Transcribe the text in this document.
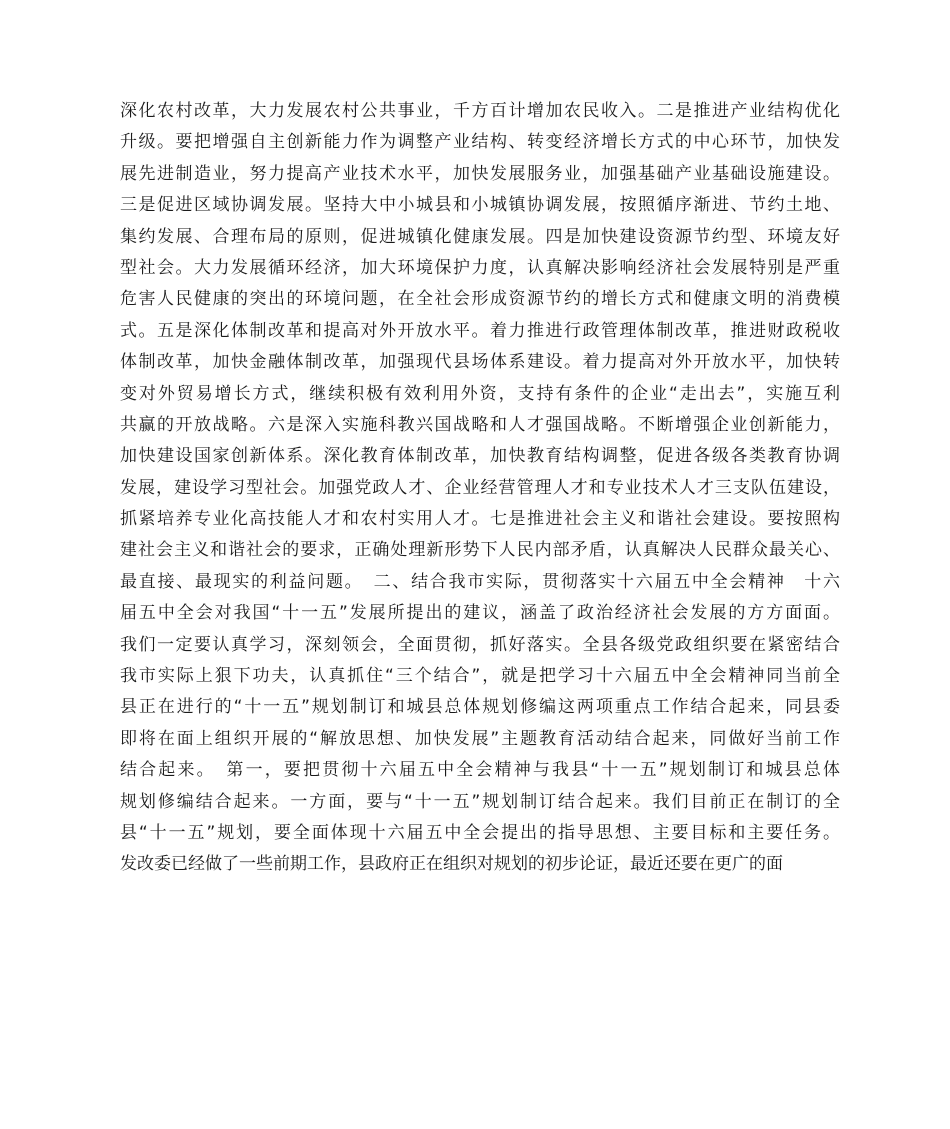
深化农村改革，大力发展农村公共事业，千方百计增加农民收入。二是推进产业结构优化
升级。要把增强自主创新能力作为调整产业结构、转变经济增长方式的中心环节，加快发
展先进制造业，努力提高产业技术水平，加快发展服务业，加强基础产业基础设施建设。
三是促进区域协调发展。坚持大中小城县和小城镇协调发展，按照循序渐进、节约土地、
集约发展、合理布局的原则，促进城镇化健康发展。四是加快建设资源节约型、环境友好
型社会。大力发展循环经济，加大环境保护力度，认真解决影响经济社会发展特别是严重
危害人民健康的突出的环境问题，在全社会形成资源节约的增长方式和健康文明的消费模
式。五是深化体制改革和提高对外开放水平。着力推进行政管理体制改革，推进财政税收
体制改革，加快金融体制改革，加强现代县场体系建设。着力提高对外开放水平，加快转
变对外贸易增长方式，继续积极有效利用外资，支持有条件的企业“走出去”，实施互利
共赢的开放战略。六是深入实施科教兴国战略和人才强国战略。不断增强企业创新能力，
加快建设国家创新体系。深化教育体制改革，加快教育结构调整，促进各级各类教育协调
发展，建设学习型社会。加强党政人才、企业经营管理人才和专业技术人才三支队伍建设，
抓紧培养专业化高技能人才和农村实用人才。七是推进社会主义和谐社会建设。要按照构
建社会主义和谐社会的要求，正确处理新形势下人民内部矛盾，认真解决人民群众最关心、
最直接、最现实的利益问题。　二、结合我市实际，贯彻落实十六届五中全会精神　十六
届五中全会对我国“十一五”发展所提出的建议，涵盖了政治经济社会发展的方方面面。
我们一定要认真学习，深刻领会，全面贯彻，抓好落实。全县各级党政组织要在紧密结合
我市实际上狠下功夫，认真抓住“三个结合”，就是把学习十六届五中全会精神同当前全
县正在进行的“十一五”规划制订和城县总体规划修编这两项重点工作结合起来，同县委
即将在面上组织开展的“解放思想、加快发展”主题教育活动结合起来，同做好当前工作
结合起来。　第一，要把贯彻十六届五中全会精神与我县“十一五”规划制订和城县总体
规划修编结合起来。一方面，要与“十一五”规划制订结合起来。我们目前正在制订的全
县“十一五”规划，要全面体现十六届五中全会提出的指导思想、主要目标和主要任务。
发改委已经做了一些前期工作，县政府正在组织对规划的初步论证，最近还要在更广的面
